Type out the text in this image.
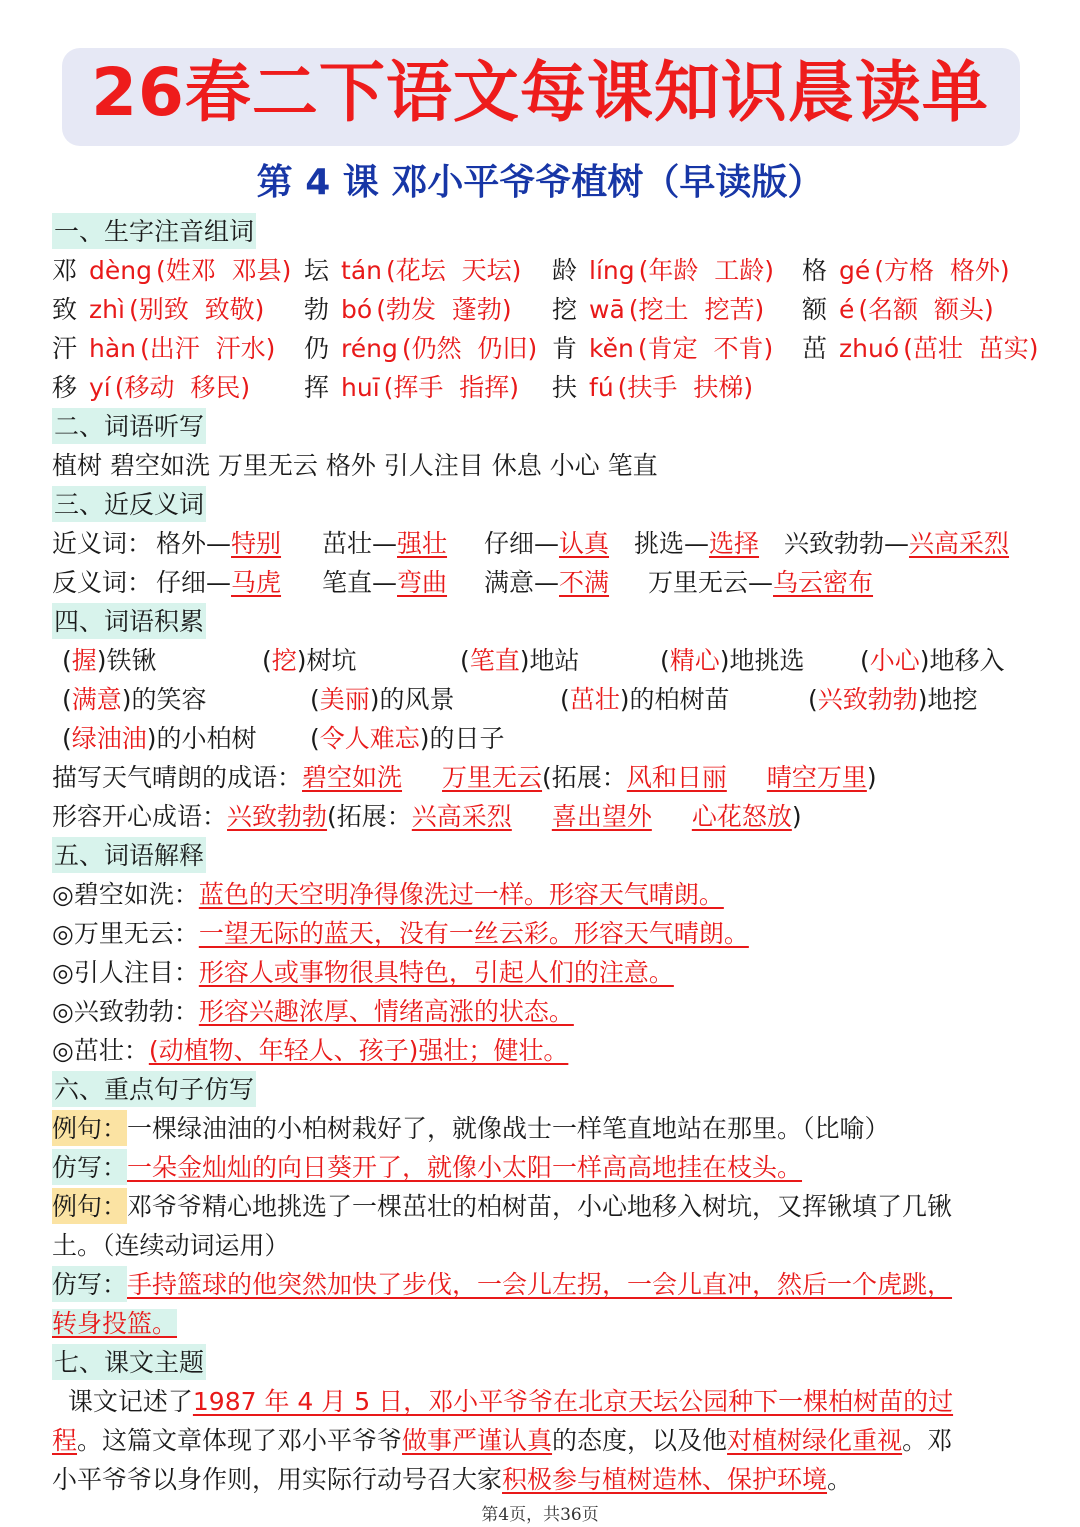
26春二下语文每课知识晨读单
第 4 课 邓小平爷爷植树（早读版）
一、生字注音组词
邓 dèng (姓邓  邓县) 坛 tán (花坛  天坛) 龄 líng (年龄  工龄) 格 gé (方格  格外)
致 zhì (别致  致敬) 勃 bó (勃发  蓬勃) 挖 wā (挖土  挖苦) 额 é (名额  额头)
汗 hàn (出汗  汗水) 仍 réng (仍然  仍旧) 肯 kěn (肯定  不肯) 茁 zhuó (茁壮  茁实)
移 yí (移动  移民) 挥 huī (挥手  指挥) 扶 fú (扶手  扶梯)
二、词语听写
植树 碧空如洗 万里无云 格外 引人注目 休息 小心 笔直
三、近反义词
近义词： 格外—特别 茁壮—强壮 仔细—认真 挑选—选择 兴致勃勃—兴高采烈
反义词： 仔细—马虎 笔直—弯曲 满意—不满 万里无云—乌云密布
四、词语积累
(握)铁锹	(挖)树坑	(笔直)地站	(精心)地挑选 (小心)地移入
(满意)的笑容	(美丽)的风景	(茁壮)的柏树苗	(兴致勃勃)地挖
(绿油油)的小柏树 (令人难忘)的日子
描写天气晴朗的成语：碧空如洗 万里无云(拓展：风和日丽 晴空万里)
形容开心成语：兴致勃勃(拓展：兴高采烈 喜出望外 心花怒放)
五、词语解释
◎碧空如洗：蓝色的天空明净得像洗过一样。形容天气晴朗。
◎万里无云：一望无际的蓝天，没有一丝云彩。形容天气晴朗。
◎引人注目：形容人或事物很具特色，引起人们的注意。
◎兴致勃勃：形容兴趣浓厚、情绪高涨的状态。
◎茁壮：(动植物、年轻人、孩子)强壮；健壮。
六、重点句子仿写
例句：一棵绿油油的小柏树栽好了，就像战士一样笔直地站在那里。（比喻）
仿写：一朵金灿灿的向日葵开了，就像小太阳一样高高地挂在枝头。
例句：邓爷爷精心地挑选了一棵茁壮的柏树苗，小心地移入树坑，又挥锹填了几锹
土。（连续动词运用）
仿写：手持篮球的他突然加快了步伐，一会儿左拐，一会儿直冲，然后一个虎跳，
转身投篮。
七、课文主题
课文记述了1987 年 4 月 5 日，邓小平爷爷在北京天坛公园种下一棵柏树苗的过
程。这篇文章体现了邓小平爷爷做事严谨认真的态度，以及他对植树绿化重视。邓
小平爷爷以身作则，用实际行动号召大家积极参与植树造林、保护环境。
第4页，共36页
